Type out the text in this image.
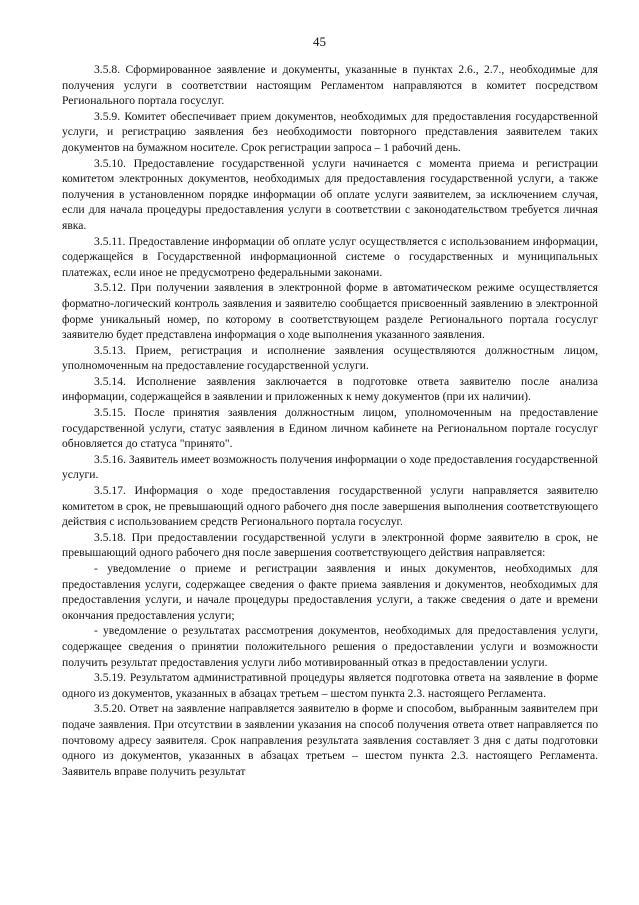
45

3.5.8. Сформированное заявление и документы, указанные в пунктах 2.6., 2.7., необходимые для получения услуги в соответствии настоящим Регламентом направляются в комитет посредством Регионального портала госуслуг.

3.5.9. Комитет обеспечивает прием документов, необходимых для предоставления государственной услуги, и регистрацию заявления без необходимости повторного представления заявителем таких документов на бумажном носителе. Срок регистрации запроса – 1 рабочий день.

3.5.10. Предоставление государственной услуги начинается с момента приема и регистрации комитетом электронных документов, необходимых для предоставления государственной услуги, а также получения в установленном порядке информации об оплате услуги заявителем, за исключением случая, если для начала процедуры предоставления услуги в соответствии с законодательством требуется личная явка.

3.5.11. Предоставление информации об оплате услуг осуществляется с использованием информации, содержащейся в Государственной информационной системе о государственных и муниципальных платежах, если иное не предусмотрено федеральными законами.

3.5.12. При получении заявления в электронной форме в автоматическом режиме осуществляется форматно-логический контроль заявления и заявителю сообщается присвоенный заявлению в электронной форме уникальный номер, по которому в соответствующем разделе Регионального портала госуслуг заявителю будет представлена информация о ходе выполнения указанного заявления.

3.5.13. Прием, регистрация и исполнение заявления осуществляются должностным лицом, уполномоченным на предоставление государственной услуги.

3.5.14. Исполнение заявления заключается в подготовке ответа заявителю после анализа информации, содержащейся в заявлении и приложенных к нему документов (при их наличии).

3.5.15. После принятия заявления должностным лицом, уполномоченным на предоставление государственной услуги, статус заявления в Едином личном кабинете на Региональном портале госуслуг обновляется до статуса "принято".

3.5.16. Заявитель имеет возможность получения информации о ходе предоставления государственной услуги.

3.5.17. Информация о ходе предоставления государственной услуги направляется заявителю комитетом в срок, не превышающий одного рабочего дня после завершения выполнения соответствующего действия с использованием средств Регионального портала госуслуг.

3.5.18. При предоставлении государственной услуги в электронной форме заявителю в срок, не превышающий одного рабочего дня после завершения соответствующего действия направляется:

- уведомление о приеме и регистрации заявления и иных документов, необходимых для предоставления услуги, содержащее сведения о факте приема заявления и документов, необходимых для предоставления услуги, и начале процедуры предоставления услуги, а также сведения о дате и времени окончания предоставления услуги;

- уведомление о результатах рассмотрения документов, необходимых для предоставления услуги, содержащее сведения о принятии положительного решения о предоставлении услуги и возможности получить результат предоставления услуги либо мотивированный отказ в предоставлении услуги.

3.5.19. Результатом административной процедуры является подготовка ответа на заявление в форме одного из документов, указанных в абзацах третьем – шестом пункта 2.3. настоящего Регламента.

3.5.20. Ответ на заявление направляется заявителю в форме и способом, выбранным заявителем при подаче заявления. При отсутствии в заявлении указания на способ получения ответа ответ направляется по почтовому адресу заявителя. Срок направления результата заявления составляет 3 дня с даты подготовки одного из документов, указанных в абзацах третьем – шестом пункта 2.3. настоящего Регламента. Заявитель вправе получить результат
